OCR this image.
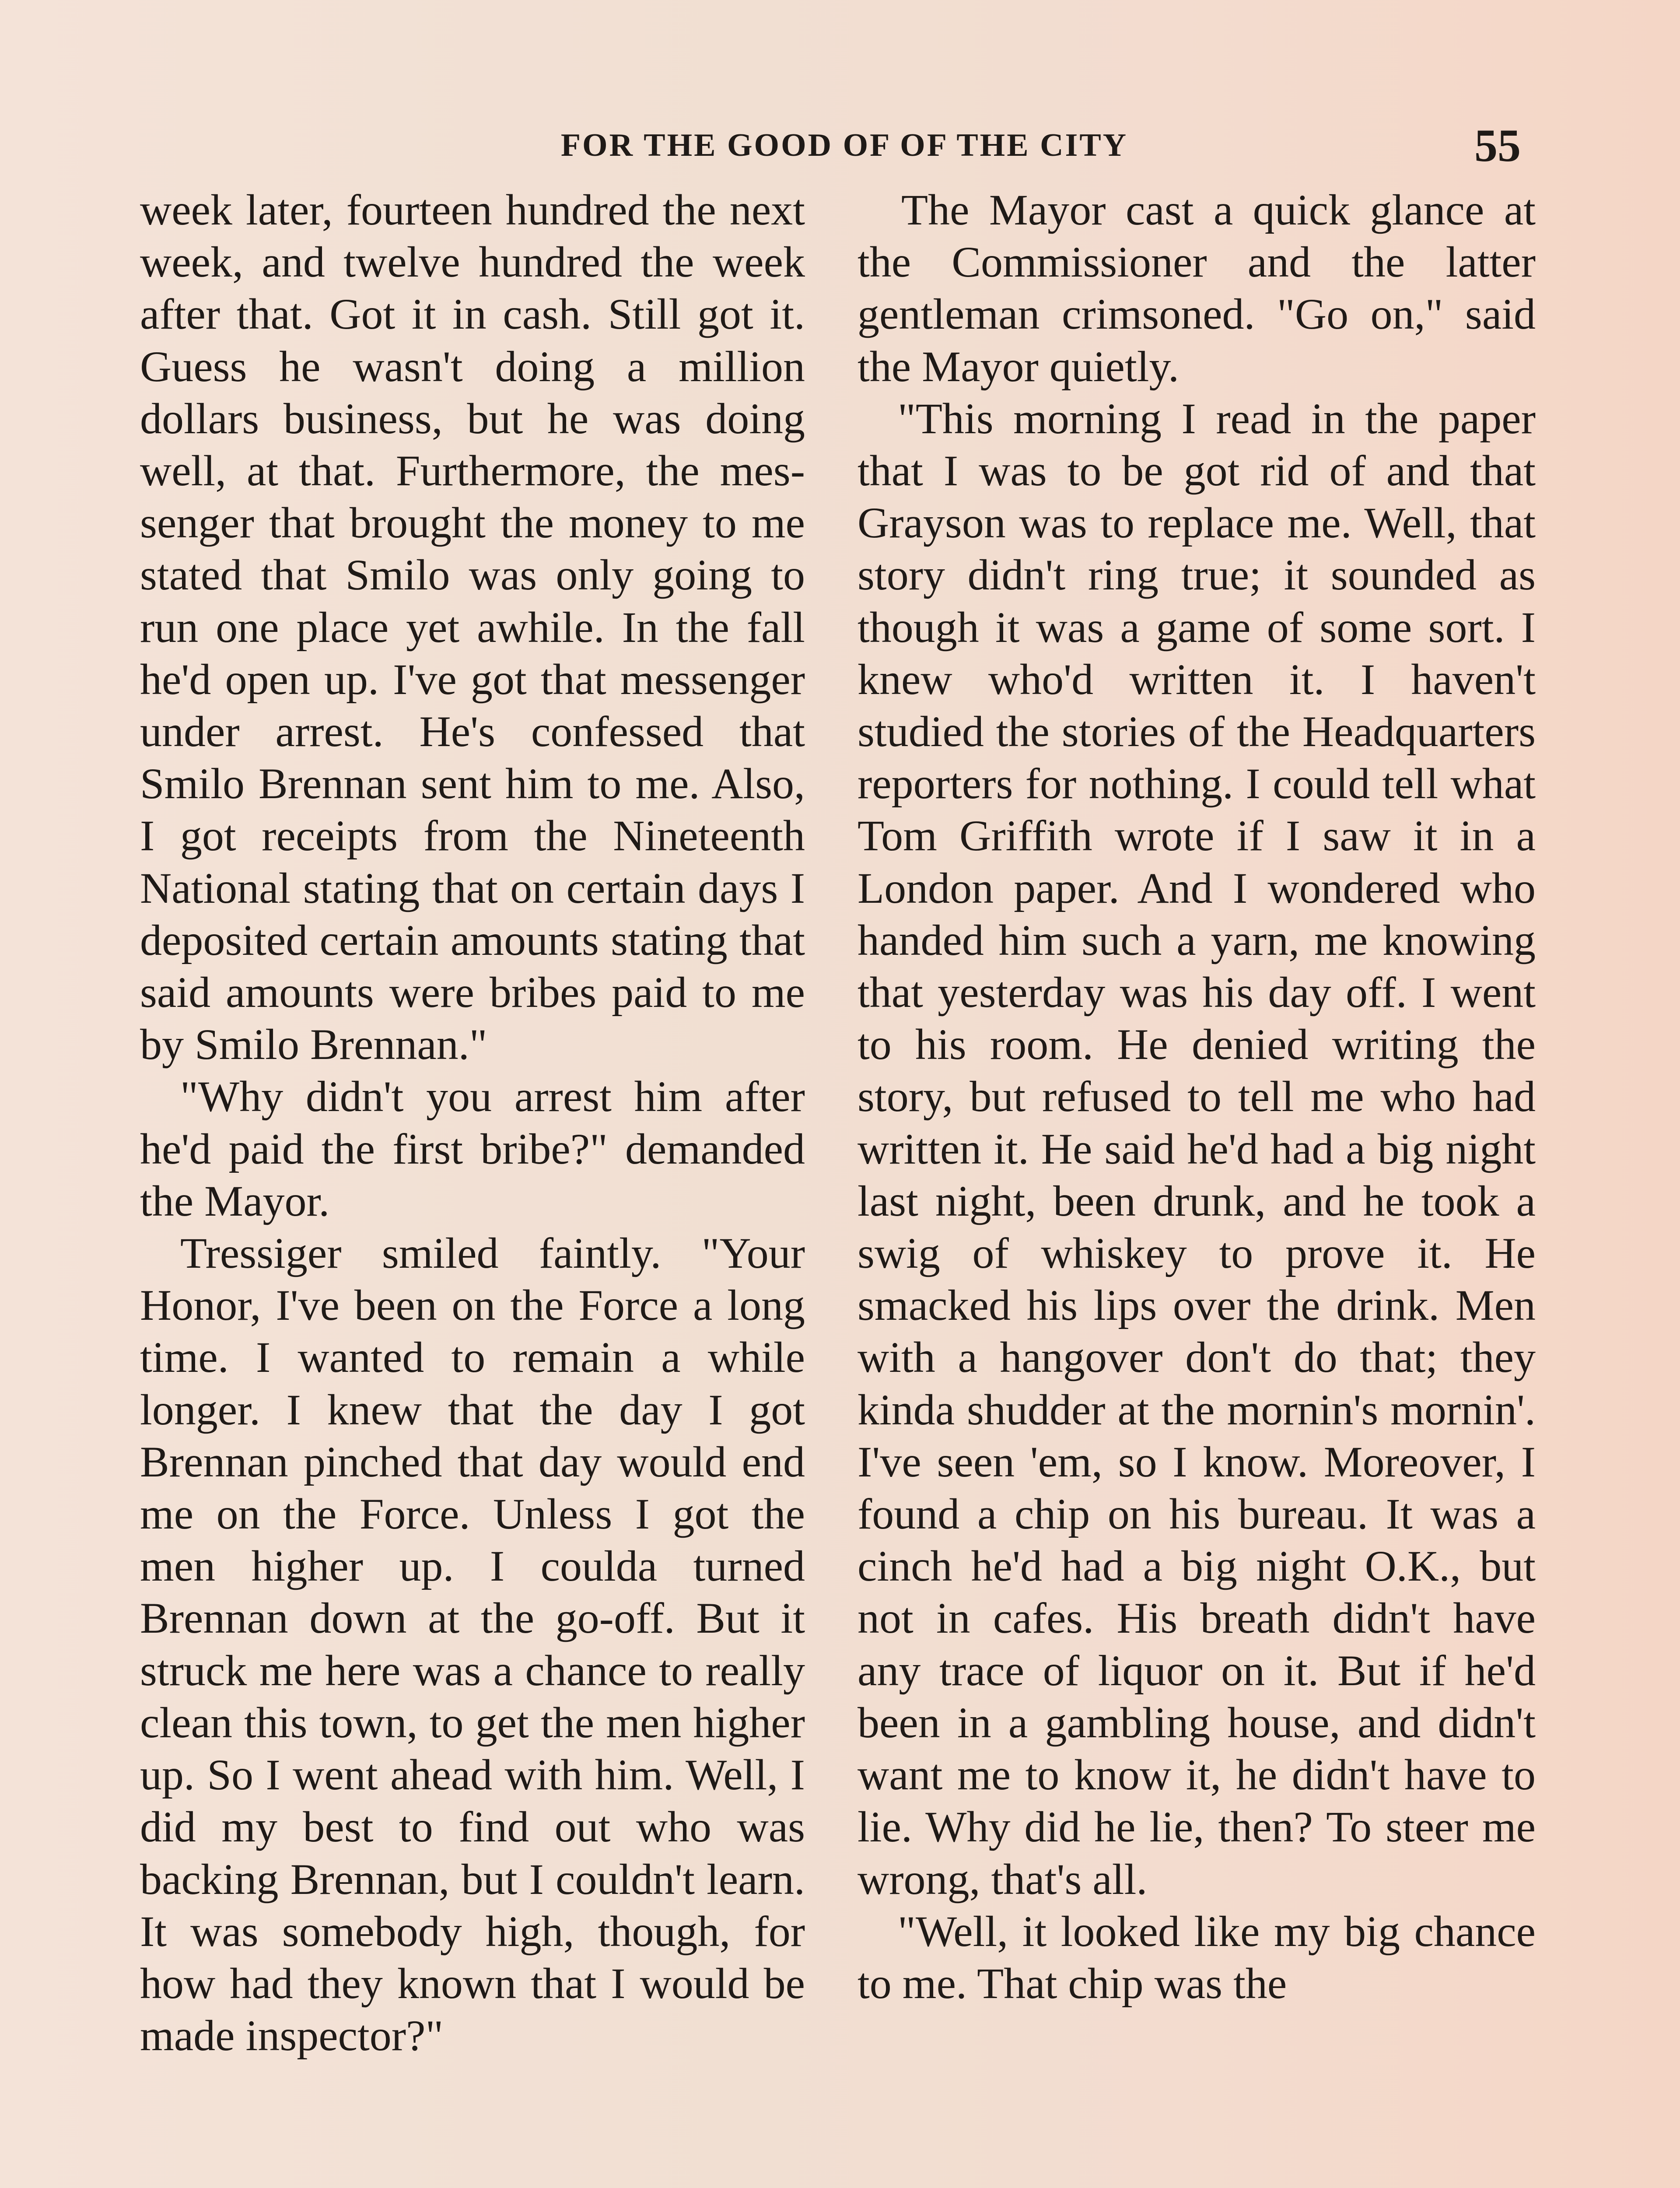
FOR THE GOOD OF OF THE CITY	55

week later, fourteen hundred the next week, and twelve hundred the week after that. Got it in cash. Still got it. Guess he wasn't doing a million dollars business, but he was doing well, at that. Furthermore, the messenger that brought the money to me stated that Smilo was only going to run one place yet awhile. In the fall he'd open up. I've got that messenger under arrest. He's confessed that Smilo Brennan sent him to me. Also, I got receipts from the Nineteenth National stating that on certain days I deposited certain amounts stating that said amounts were bribes paid to me by Smilo Brennan."

"Why didn't you arrest him after he'd paid the first bribe?" demanded the Mayor.

Tressiger smiled faintly. "Your Honor, I've been on the Force a long time. I wanted to remain a while longer. I knew that the day I got Brennan pinched that day would end me on the Force. Unless I got the men higher up. I coulda turned Brennan down at the go-off. But it struck me here was a chance to really clean this town, to get the men higher up. So I went ahead with him. Well, I did my best to find out who was backing Brennan, but I couldn't learn. It was somebody high, though, for how had they known that I would be made inspector?"

The Mayor cast a quick glance at the Commissioner and the latter gentleman crimsoned. "Go on," said the Mayor quietly.

"This morning I read in the paper that I was to be got rid of and that Grayson was to replace me. Well, that story didn't ring true; it sounded as though it was a game of some sort. I knew who'd written it. I haven't studied the stories of the Headquarters reporters for nothing. I could tell what Tom Griffith wrote if I saw it in a London paper. And I wondered who handed him such a yarn, me knowing that yesterday was his day off. I went to his room. He denied writing the story, but refused to tell me who had written it. He said he'd had a big night last night, been drunk, and he took a swig of whiskey to prove it. He smacked his lips over the drink. Men with a hangover don't do that; they kinda shudder at the mornin's mornin'. I've seen 'em, so I know. Moreover, I found a chip on his bureau. It was a cinch he'd had a big night O.K., but not in cafes. His breath didn't have any trace of liquor on it. But if he'd been in a gambling house, and didn't want me to know it, he didn't have to lie. Why did he lie, then? To steer me wrong, that's all.

"Well, it looked like my big chance to me. That chip was the
